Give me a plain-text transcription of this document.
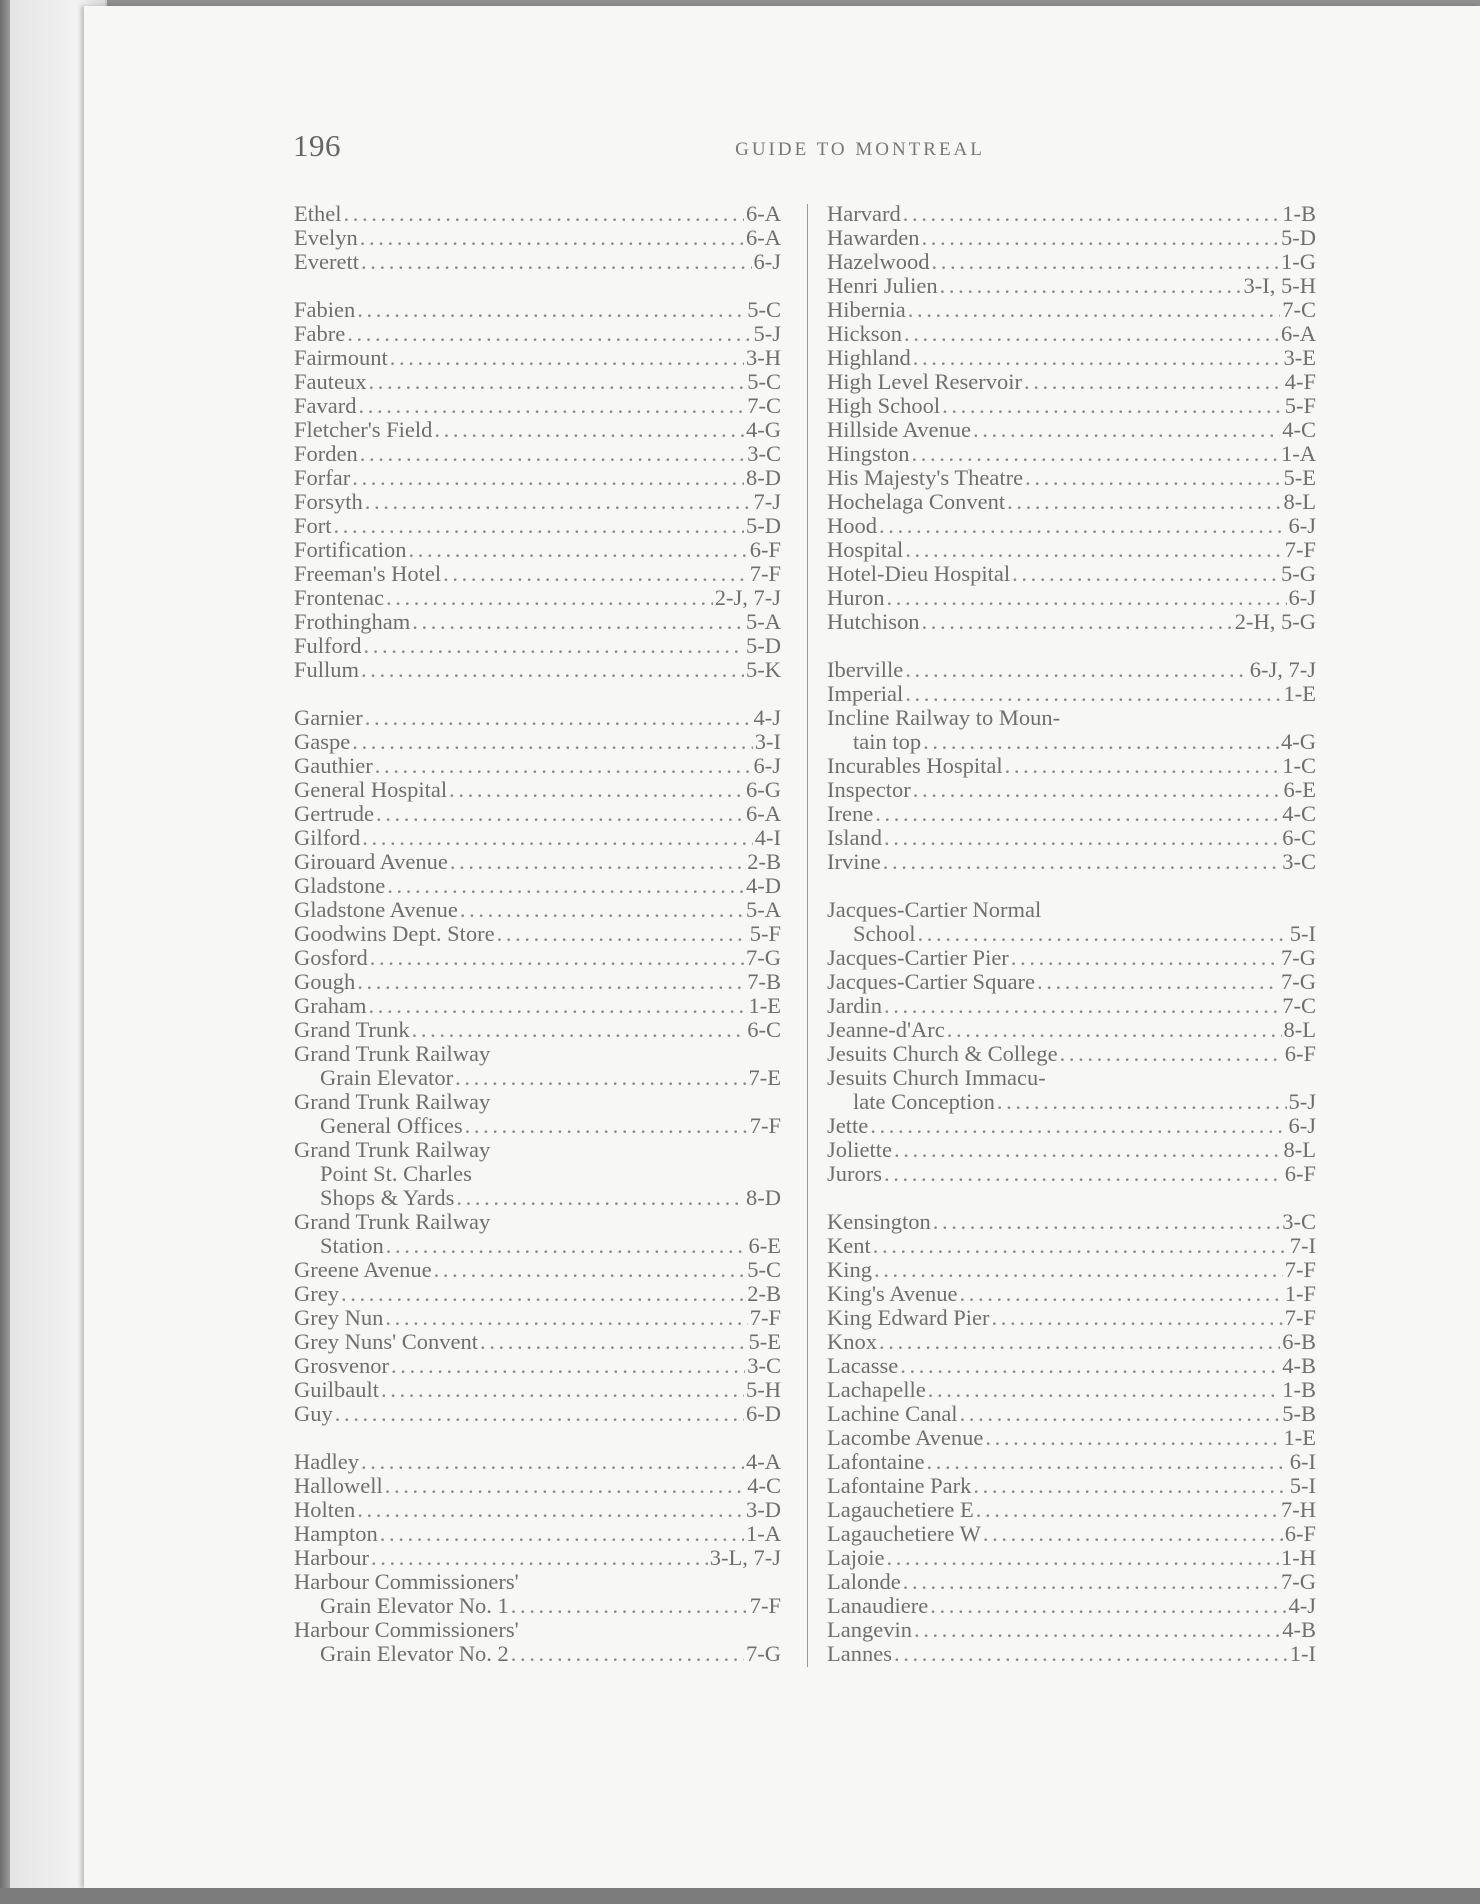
196	GUIDE TO MONTREAL
Ethel . . .	6-A
Evelyn . . .	6-A
Everett . . .	6-J
Fabien . . .	5-C
Fabre . . .	5-J
Fairmount . . .	3-H
Fauteux . . .	5-C
Favard . . .	7-C
Fletcher's Field . . .	4-G
Forden . . .	3-C
Forfar . . .	8-D
Forsyth . . .	7-J
Fort . . .	5-D
Fortification . . .	6-F
Freeman's Hotel . . .	7-F
Frontenac . . .	2-J, 7-J
Frothingham . . .	5-A
Fulford . . .	5-D
Fullum . . .	5-K
Garnier . . .	4-J
Gaspe . . .	3-I
Gauthier . . .	6-J
General Hospital . . .	6-G
Gertrude . . .	6-A
Gilford . . .	4-I
Girouard Avenue . . .	2-B
Gladstone . . .	4-D
Gladstone Avenue . . .	5-A
Goodwins Dept. Store . . .	5-F
Gosford . . .	7-G
Gough . . .	7-B
Graham . . .	1-E
Grand Trunk . . .	6-C
Grand Trunk Railway
Grain Elevator . . .	7-E
Grand Trunk Railway
General Offices . . .	7-F
Grand Trunk Railway
Point St. Charles
Shops & Yards . . .	8-D
Grand Trunk Railway
Station . . .	6-E
Greene Avenue . . .	5-C
Grey . . .	2-B
Grey Nun . . .	7-F
Grey Nuns' Convent . . .	5-E
Grosvenor . . .	3-C
Guilbault . . .	5-H
Guy . . .	6-D
Hadley . . .	4-A
Hallowell . . .	4-C
Holten . . .	3-D
Hampton . . .	1-A
Harbour . . .	3-L, 7-J
Harbour Commissioners'
Grain Elevator No. 1 . . .	7-F
Harbour Commissioners'
Grain Elevator No. 2 . . .	7-G
Harvard . . .	1-B
Hawarden . . .	5-D
Hazelwood . . .	1-G
Henri Julien . . .	3-I, 5-H
Hibernia . . .	7-C
Hickson . . .	6-A
Highland . . .	3-E
High Level Reservoir . . .	4-F
High School . . .	5-F
Hillside Avenue . . .	4-C
Hingston . . .	1-A
His Majesty's Theatre . . .	5-E
Hochelaga Convent . . .	8-L
Hood . . .	6-J
Hospital . . .	7-F
Hotel-Dieu Hospital . . .	5-G
Huron . . .	6-J
Hutchison . . .	2-H, 5-G
Iberville . . .	6-J, 7-J
Imperial . . .	1-E
Incline Railway to Moun-
tain top . . .	4-G
Incurables Hospital . . .	1-C
Inspector . . .	6-E
Irene . . .	4-C
Island . . .	6-C
Irvine . . .	3-C
Jacques-Cartier Normal
School . . .	5-I
Jacques-Cartier Pier . . .	7-G
Jacques-Cartier Square . . .	7-G
Jardin . . .	7-C
Jeanne-d'Arc . . .	8-L
Jesuits Church & College . . .	6-F
Jesuits Church Immacu-
late Conception . . .	5-J
Jette . . .	6-J
Joliette . . .	8-L
Jurors . . .	6-F
Kensington . . .	3-C
Kent . . .	7-I
King . . .	7-F
King's Avenue . . .	1-F
King Edward Pier . . .	7-F
Knox . . .	6-B
Lacasse . . .	4-B
Lachapelle . . .	1-B
Lachine Canal . . .	5-B
Lacombe Avenue . . .	1-E
Lafontaine . . .	6-I
Lafontaine Park . . .	5-I
Lagauchetiere E . . .	7-H
Lagauchetiere W . . .	6-F
Lajoie . . .	1-H
Lalonde . . .	7-G
Lanaudiere . . .	4-J
Langevin . . .	4-B
Lannes . . .	1-I
